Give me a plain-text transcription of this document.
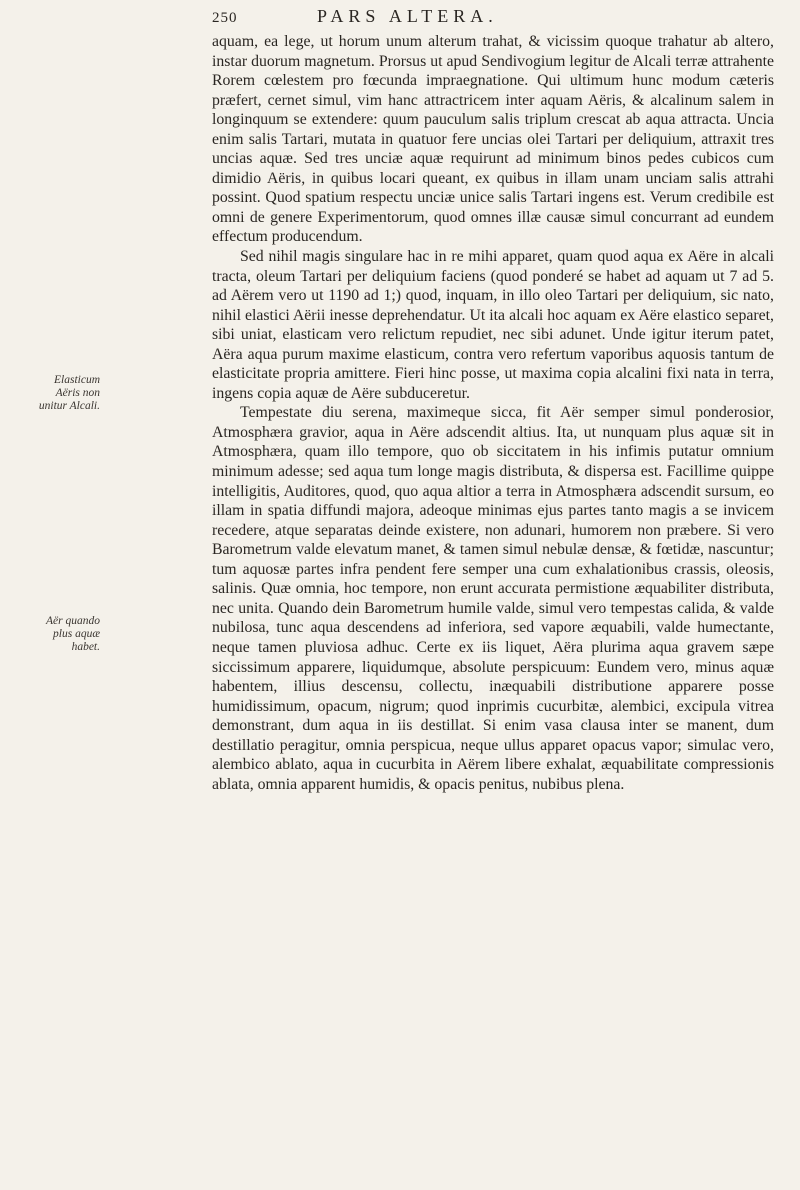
250	PARS ALTERA.
Elasticum Aëris non unitur Alcali.
Aër quando plus aquæ habet.

aquam, ea lege, ut horum unum alterum trahat, & vicissim quoque trahatur ab altero, instar duorum magnetum. Prorsus ut apud Sendivogium legitur de Alcali terræ attrahente Rorem cœlestem pro fœcunda impraegnatione. Qui ultimum hunc modum cæteris præfert, cernet simul, vim hanc attractricem inter aquam Aëris, & alcalinum salem in longinquum se extendere: quum pauculum salis triplum crescat ab aqua attracta. Uncia enim salis Tartari, mutata in quatuor fere uncias olei Tartari per deliquium, attraxit tres uncias aquæ. Sed tres unciæ aquæ requirunt ad minimum binos pedes cubicos cum dimidio Aëris, in quibus locari queant, ex quibus in illam unam unciam salis attrahi possint. Quod spatium respectu unciæ unice salis Tartari ingens est. Verum credibile est omni de genere Experimentorum, quod omnes illæ causæ simul concurrant ad eundem effectum producendum.

Sed nihil magis singulare hac in re mihi apparet, quam quod aqua ex Aëre in alcali tracta, oleum Tartari per deliquium faciens (quod ponderé se habet ad aquam ut 7 ad 5. ad Aërem vero ut 1190 ad 1;) quod, inquam, in illo oleo Tartari per deliquium, sic nato, nihil elastici Aërii inesse deprehendatur. Ut ita alcali hoc aquam ex Aëre elastico separet, sibi uniat, elasticam vero relictum repudiet, nec sibi adunet. Unde igitur iterum patet, Aëra aqua purum maxime elasticum, contra vero refertum vaporibus aquosis tantum de elasticitate propria amittere. Fieri hinc posse, ut maxima copia alcalini fixi nata in terra, ingens copia aquæ de Aëre subduceretur.

Tempestate diu serena, maximeque sicca, fit Aër semper simul ponderosior, Atmosphæra gravior, aqua in Aëre adscendit altius. Ita, ut nunquam plus aquæ sit in Atmosphæra, quam illo tempore, quo ob siccitatem in his infimis putatur omnium minimum adesse; sed aqua tum longe magis distributa, & dispersa est. Facillime quippe intelligitis, Auditores, quod, quo aqua altior a terra in Atmosphæra adscendit sursum, eo illam in spatia diffundi majora, adeoque minimas ejus partes tanto magis a se invicem recedere, atque separatas deinde existere, non adunari, humorem non præbere. Si vero Barometrum valde elevatum manet, & tamen simul nebulæ densæ, & fœtidæ, nascuntur; tum aquosæ partes infra pendent fere semper una cum exhalationibus crassis, oleosis, salinis. Quæ omnia, hoc tempore, non erunt accurata permistione æquabiliter distributa, nec unita. Quando dein Barometrum humile valde, simul vero tempestas calida, & valde nubilosa, tunc aqua descendens ad inferiora, sed vapore æquabili, valde humectante, neque tamen pluviosa adhuc. Certe ex iis liquet, Aëra plurima aqua gravem sæpe siccissimum apparere, liquidumque, absolute perspicuum: Eundem vero, minus aquæ habentem, illius descensu, collectu, inæquabili distributione apparere posse humidissimum, opacum, nigrum; quod inprimis cucurbitæ, alembici, excipula vitrea demonstrant, dum aqua in iis destillat. Si enim vasa clausa inter se manent, dum destillatio peragitur, omnia perspicua, neque ullus apparet opacus vapor; simulac vero, alembico ablato, aqua in cucurbita in Aërem libere exhalat, æquabilitate compressionis ablata, omnia apparent humidis, & opacis penitus, nubibus plena.
